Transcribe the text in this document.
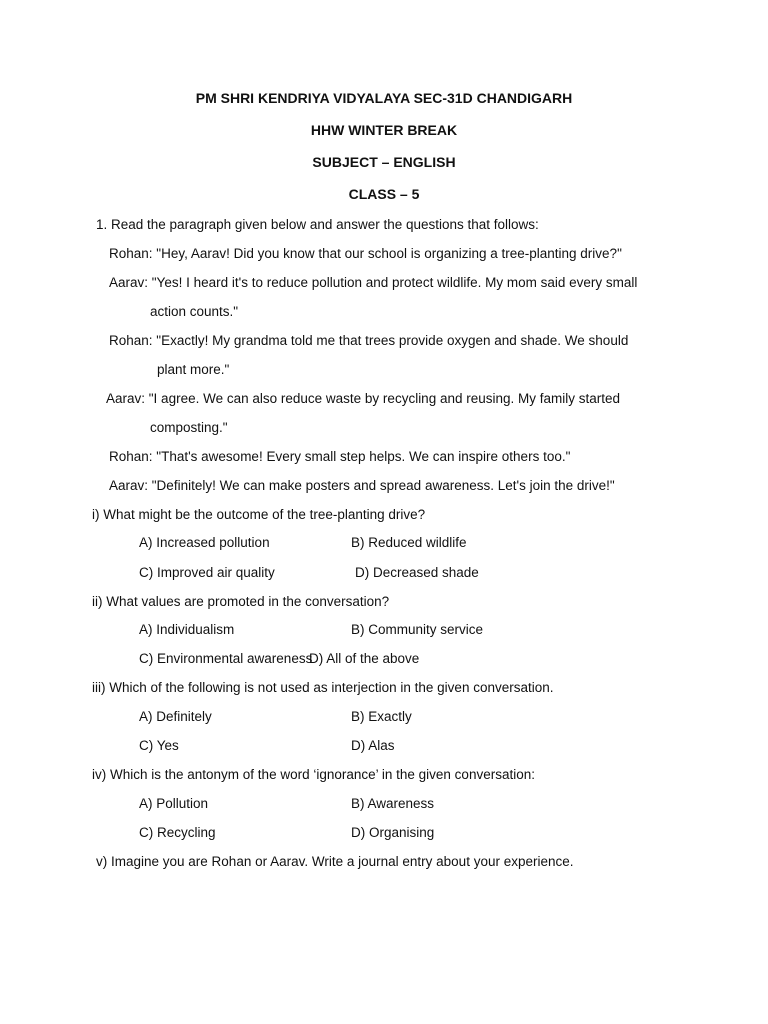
PM SHRI KENDRIYA VIDYALAYA SEC-31D CHANDIGARH
HHW WINTER BREAK
SUBJECT – ENGLISH
CLASS – 5
1. Read the paragraph given below and answer the questions that follows:
Rohan: "Hey, Aarav! Did you know that our school is organizing a tree-planting drive?"
Aarav: "Yes! I heard it's to reduce pollution and protect wildlife. My mom said every small
action counts."
Rohan: "Exactly! My grandma told me that trees provide oxygen and shade. We should
plant more."
Aarav: "I agree. We can also reduce waste by recycling and reusing. My family started
composting."
Rohan: "That's awesome! Every small step helps. We can inspire others too."
Aarav: "Definitely! We can make posters and spread awareness. Let's join the drive!"
i) What might be the outcome of the tree-planting drive?
A) Increased pollution	B) Reduced wildlife
C) Improved air quality	D) Decreased shade
ii) What values are promoted in the conversation?
A) Individualism	B) Community service
C) Environmental awareness
D) All of the above
iii) Which of the following is not used as interjection in the given conversation.
A) Definitely	B) Exactly
C) Yes	D) Alas
iv) Which is the antonym of the word ‘ignorance’ in the given conversation:
A) Pollution	B) Awareness
C) Recycling	D) Organising
v) Imagine you are Rohan or Aarav. Write a journal entry about your experience.
